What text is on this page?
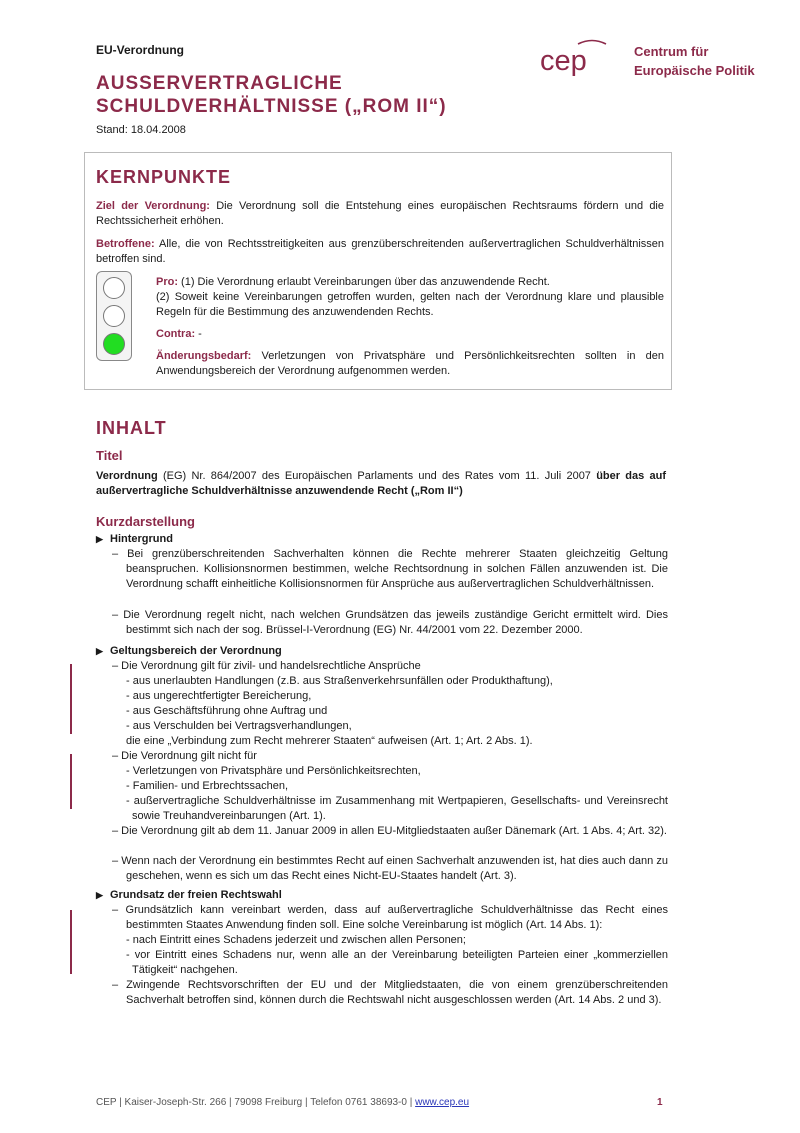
EU-Verordnung
AUSSERVERTRAGLICHE
SCHULDVERHÄLTNISSE („ROM II“)
Stand: 18.04.2008
cep	Centrum für
Europäische Politik
KERNPUNKTE
Ziel der Verordnung: Die Verordnung soll die Entstehung eines europäischen Rechtsraums fördern und die Rechtssicherheit erhöhen.
Betroffene: Alle, die von Rechtsstreitigkeiten aus grenzüberschreitenden außervertraglichen Schuldverhältnissen betroffen sind.
Pro: (1) Die Verordnung erlaubt Vereinbarungen über das anzuwendende Recht.
(2) Soweit keine Vereinbarungen getroffen wurden, gelten nach der Verordnung klare und plausible Regeln für die Bestimmung des anzuwendenden Rechts.
Contra: -
Änderungsbedarf: Verletzungen von Privatsphäre und Persönlichkeitsrechten sollten in den Anwendungsbereich der Verordnung aufgenommen werden.
INHALT
Titel
Verordnung (EG) Nr. 864/2007 des Europäischen Parlaments und des Rates vom 11. Juli 2007 über das auf außervertragliche Schuldverhältnisse anzuwendende Recht („Rom II“)
Kurzdarstellung
▶ Hintergrund
– Bei grenzüberschreitenden Sachverhalten können die Rechte mehrerer Staaten gleichzeitig Geltung beanspruchen. Kollisionsnormen bestimmen, welche Rechtsordnung in solchen Fällen anzuwenden ist. Die Verordnung schafft einheitliche Kollisionsnormen für Ansprüche aus außervertraglichen Schuldverhältnissen.
– Die Verordnung regelt nicht, nach welchen Grundsätzen das jeweils zuständige Gericht ermittelt wird. Dies bestimmt sich nach der sog. Brüssel-I-Verordnung (EG) Nr. 44/2001 vom 22. Dezember 2000.
▶ Geltungsbereich der Verordnung
– Die Verordnung gilt für zivil- und handelsrechtliche Ansprüche
- aus unerlaubten Handlungen (z.B. aus Straßenverkehrsunfällen oder Produkthaftung),
- aus ungerechtfertigter Bereicherung,
- aus Geschäftsführung ohne Auftrag und
- aus Verschulden bei Vertragsverhandlungen,
die eine „Verbindung zum Recht mehrerer Staaten“ aufweisen (Art. 1; Art. 2 Abs. 1).
– Die Verordnung gilt nicht für
- Verletzungen von Privatsphäre und Persönlichkeitsrechten,
- Familien- und Erbrechtssachen,
- außervertragliche Schuldverhältnisse im Zusammenhang mit Wertpapieren, Gesellschafts- und Vereinsrecht sowie Treuhandvereinbarungen (Art. 1).
– Die Verordnung gilt ab dem 11. Januar 2009 in allen EU-Mitgliedstaaten außer Dänemark (Art. 1 Abs. 4; Art. 32).
– Wenn nach der Verordnung ein bestimmtes Recht auf einen Sachverhalt anzuwenden ist, hat dies auch dann zu geschehen, wenn es sich um das Recht eines Nicht-EU-Staates handelt (Art. 3).
▶ Grundsatz der freien Rechtswahl
– Grundsätzlich kann vereinbart werden, dass auf außervertragliche Schuldverhältnisse das Recht eines bestimmten Staates Anwendung finden soll. Eine solche Vereinbarung ist möglich (Art. 14 Abs. 1):
- nach Eintritt eines Schadens jederzeit und zwischen allen Personen;
- vor Eintritt eines Schadens nur, wenn alle an der Vereinbarung beteiligten Parteien einer „kommerziellen Tätigkeit“ nachgehen.
– Zwingende Rechtsvorschriften der EU und der Mitgliedstaaten, die von einem grenzüberschreitenden Sachverhalt betroffen sind, können durch die Rechtswahl nicht ausgeschlossen werden (Art. 14 Abs. 2 und 3).
CEP | Kaiser-Joseph-Str. 266 | 79098 Freiburg | Telefon 0761 38693-0 | www.cep.eu	1
